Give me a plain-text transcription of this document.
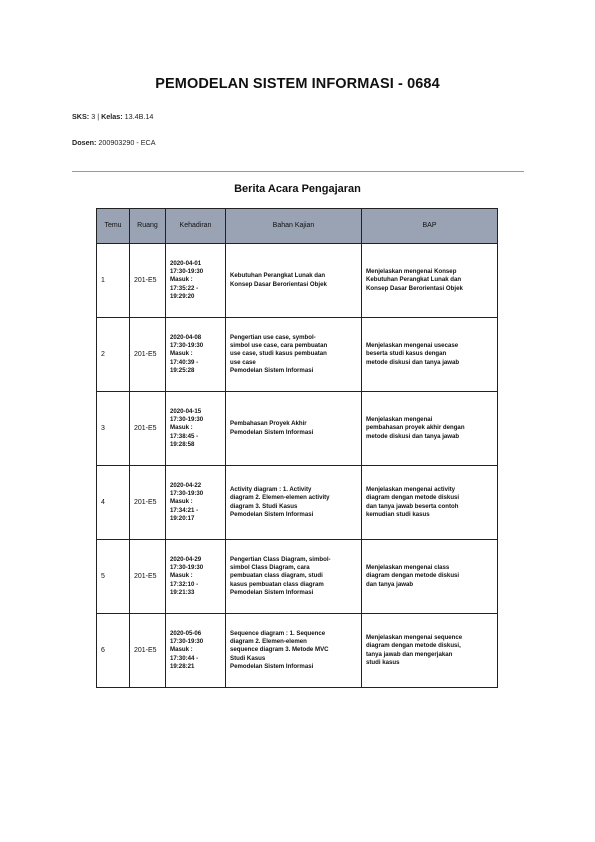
PEMODELAN SISTEM INFORMASI - 0684
SKS: 3 | Kelas: 13.4B.14
Dosen: 200903290 - ECA
Berita Acara Pengajaran
Temu	Ruang	Kehadiran	Bahan Kajian	BAP
1	201-E5	2020-04-01
17:30-19:30
Masuk :
17:35:22 -
19:29:20	Kebutuhan Perangkat Lunak dan
Konsep Dasar Berorientasi Objek	Menjelaskan mengenai Konsep
Kebutuhan Perangkat Lunak dan
Konsep Dasar Berorientasi Objek

2	201-E5	2020-04-08
17:30-19:30
Masuk :
17:40:39 -
19:25:28	Pengertian use case, symbol-
simbol use case, cara pembuatan
use case, studi kasus pembuatan
use case
Pemodelan Sistem Informasi	Menjelaskan mengenai usecase
beserta studi kasus dengan
metode diskusi dan tanya jawab

3	201-E5	2020-04-15
17:30-19:30
Masuk :
17:38:45 -
19:28:58	Pembahasan Proyek Akhir
Pemodelan Sistem Informasi	Menjelaskan mengenai
pembahasan proyek akhir dengan
metode diskusi dan tanya jawab

4	201-E5	2020-04-22
17:30-19:30
Masuk :
17:34:21 -
19:20:17	Activity diagram : 1. Activity
diagram 2. Elemen-elemen activity
diagram 3. Studi Kasus
Pemodelan Sistem Informasi	Menjelaskan mengenai activity
diagram dengan metode diskusi
dan tanya jawab beserta contoh
kemudian studi kasus

5	201-E5	2020-04-29
17:30-19:30
Masuk :
17:32:10 -
19:21:33	Pengertian Class Diagram, simbol-
simbol Class Diagram, cara
pembuatan class diagram, studi
kasus pembuatan class diagram
Pemodelan Sistem Informasi	Menjelaskan mengenai class
diagram dengan metode diskusi
dan tanya jawab

6	201-E5	2020-05-06
17:30-19:30
Masuk :
17:30:44 -
19:28:21	Sequence diagram : 1. Sequence
diagram 2. Elemen-elemen
sequence diagram 3. Metode MVC
Studi Kasus
Pemodelan Sistem Informasi	Menjelaskan mengenai sequence
diagram dengan metode diskusi,
tanya jawab dan mengerjakan
studi kasus
